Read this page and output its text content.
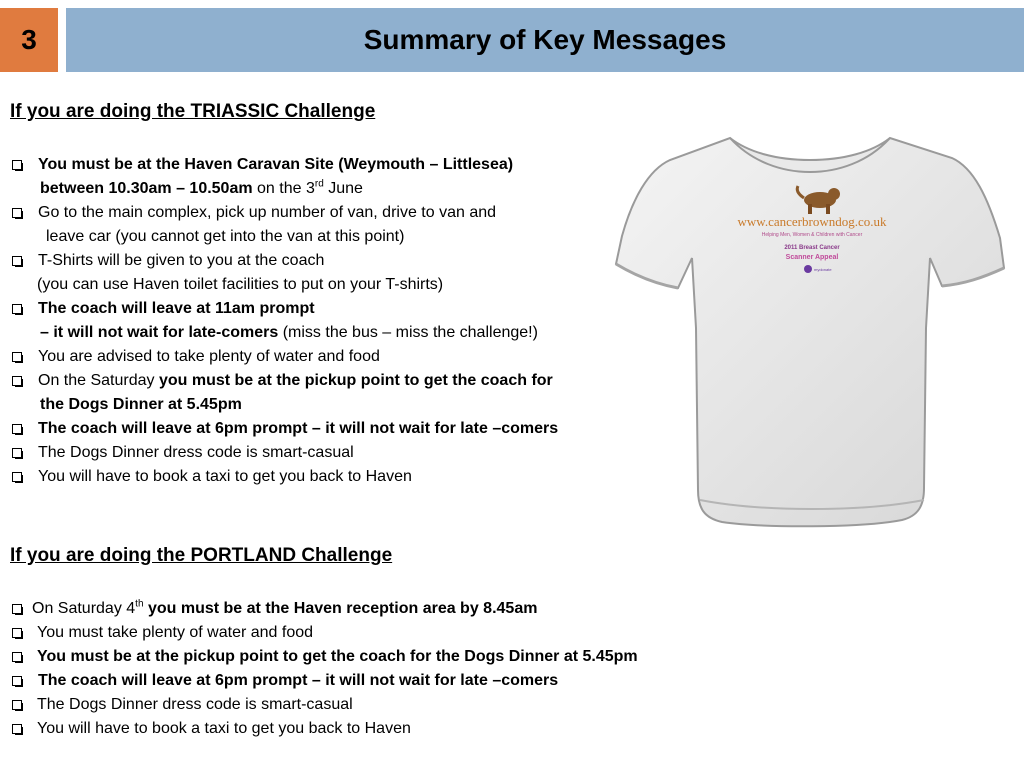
3	Summary of Key Messages

If you are doing the TRIASSIC Challenge

You must be at the Haven Caravan Site (Weymouth – Littlesea)
between 10.30am – 10.50am on the 3rd June
Go to the main complex, pick up number of van, drive to van and
leave car (you cannot get into the van at this point)
T-Shirts will be given to you at the coach
(you can use Haven toilet facilities to put on your T-shirts)
The coach will leave at 11am prompt
– it will not wait for late-comers (miss the bus – miss the challenge!)
You are advised to take plenty of water and food
On the Saturday you must be at the pickup point to get the coach for
the Dogs Dinner at 5.45pm
The coach will leave at 6pm prompt – it will not wait for late –comers
The Dogs Dinner dress code is smart-casual
You will have to book a taxi to get you back to Haven

If you are doing the PORTLAND Challenge

On Saturday 4th you must be at the Haven reception area by 8.45am
You must take plenty of water and food
You must be at the pickup point to get the coach for the Dogs Dinner at 5.45pm
The coach will leave at 6pm prompt – it will not wait for late –comers
The Dogs Dinner dress code is smart-casual
You will have to book a taxi to get you back to Haven
www.cancerbrowndog.co.uk
Helping Men, Women & Children with Cancer
2011 Breast Cancer
Scanner Appeal
mydonate
